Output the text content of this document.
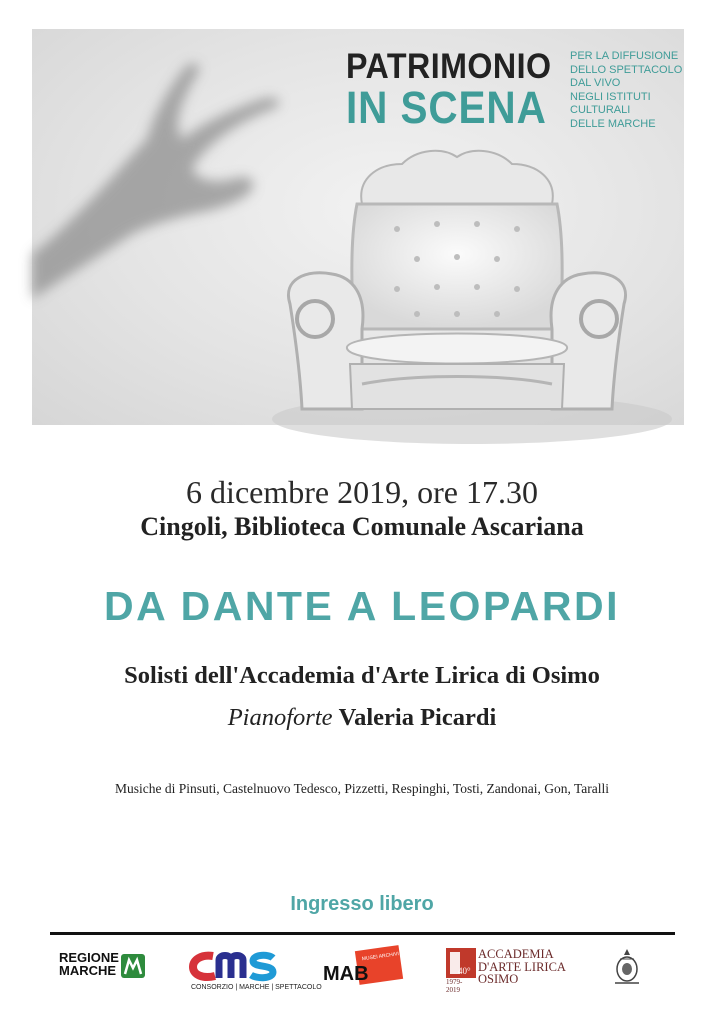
PATRIMONIO
IN SCENA
PER LA DIFFUSIONE
DELLO SPETTACOLO
DAL VIVO
NEGLI ISTITUTI
CULTURALI
DELLE MARCHE
6 dicembre 2019, ore 17.30
Cingoli, Biblioteca Comunale Ascariana
DA DANTE A LEOPARDI
Solisti dell'Accademia d'Arte Lirica di Osimo
Pianoforte Valeria Picardi
Musiche di Pinsuti, Castelnuovo Tedesco, Pizzetti, Respinghi, Tosti, Zandonai, Gon, Taralli
Ingresso libero
REGIONE
MARCHE
CONSORZIO | MARCHE | SPETTACOLO
MAB
MUSEI ARCHIVI BIBLIOTECHE
40°
1979-2019
ACCADEMIA
D'ARTE LIRICA
OSIMO
